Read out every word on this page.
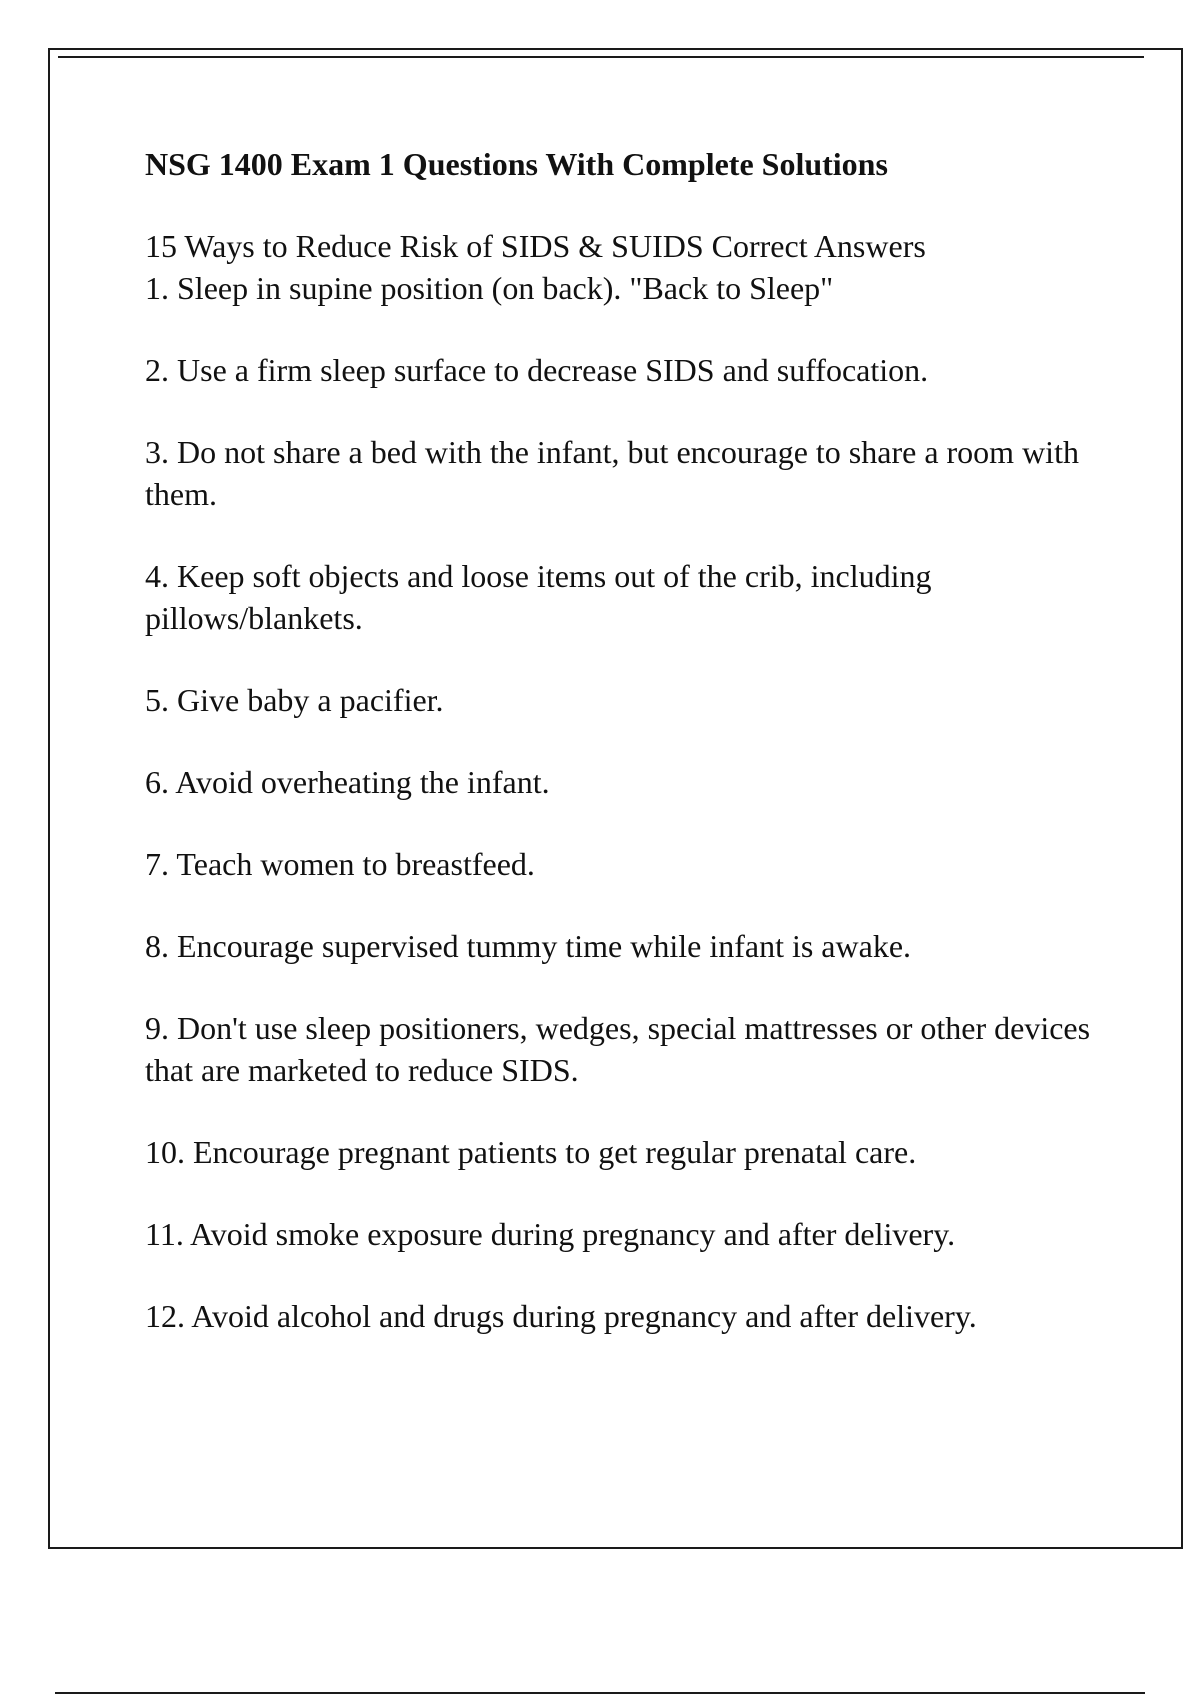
NSG 1400 Exam 1 Questions With Complete Solutions
15 Ways to Reduce Risk of SIDS & SUIDS Correct Answers
1. Sleep in supine position (on back). "Back to Sleep"
2. Use a firm sleep surface to decrease SIDS and suffocation.
3. Do not share a bed with the infant, but encourage to share a room with them.
4. Keep soft objects and loose items out of the crib, including pillows/blankets.
5. Give baby a pacifier.
6. Avoid overheating the infant.
7. Teach women to breastfeed.
8. Encourage supervised tummy time while infant is awake.
9. Don't use sleep positioners, wedges, special mattresses or other devices that are marketed to reduce SIDS.
10. Encourage pregnant patients to get regular prenatal care.
11. Avoid smoke exposure during pregnancy and after delivery.
12. Avoid alcohol and drugs during pregnancy and after delivery.
